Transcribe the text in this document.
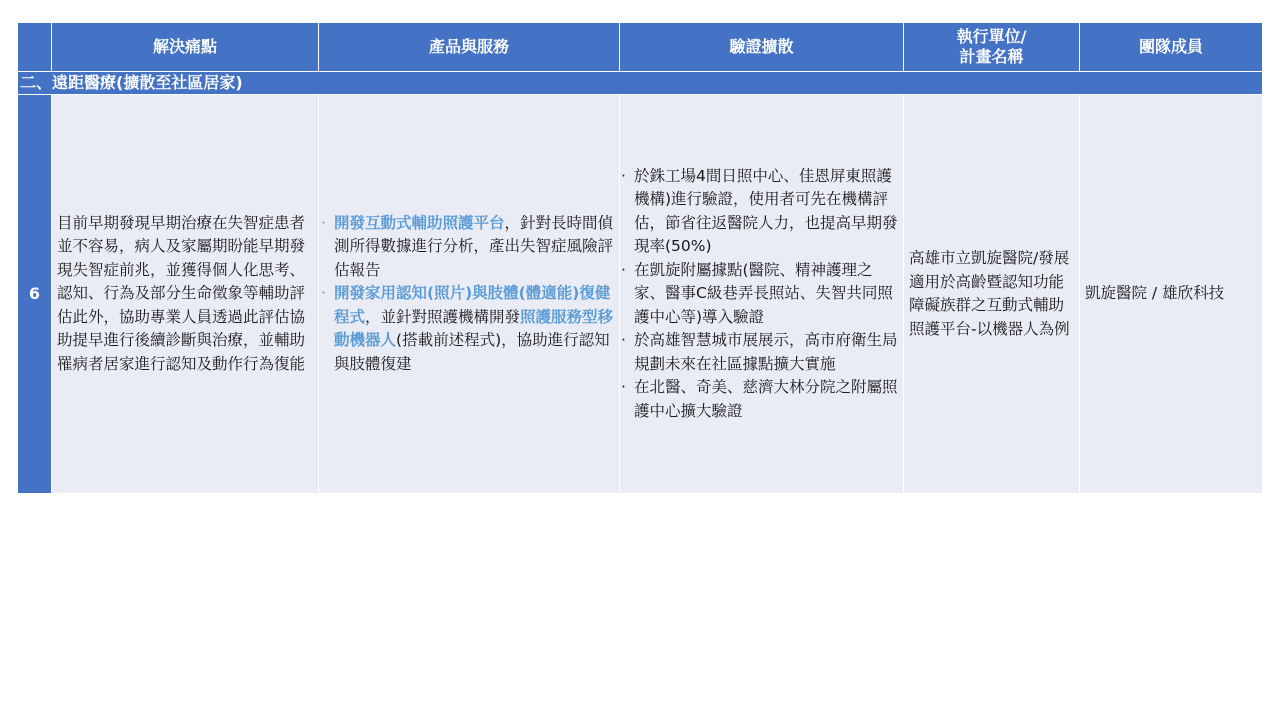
解決痛點	產品與服務	驗證擴散
執行單位/
計畫名稱
團隊成員
二、遠距醫療(擴散至社區居家)
6
目前早期發現早期治療在失智症患者並不容易，病人及家屬期盼能早期發現失智症前兆，並獲得個人化思考、認知、行為及部分生命徵象等輔助評估此外，協助專業人員透過此評估協助提早進行後續診斷與治療，並輔助罹病者居家進行認知及動作行為復能
· 開發互動式輔助照護平台，針對長時間偵測所得數據進行分析，產出失智症風險評估報告
· 開發家用認知(照片)與肢體(體適能)復健程式，並針對照護機構開發照護服務型移動機器人(搭載前述程式)，協助進行認知與肢體復建
· 於銖工場4間日照中心、佳恩屏東照護機構)進行驗證，使用者可先在機構評估，節省往返醫院人力，也提高早期發現率(50%)
· 在凱旋附屬據點(醫院、精神護理之家、醫事C級巷弄長照站、失智共同照護中心等)導入驗證
· 於高雄智慧城市展展示，高市府衛生局規劃未來在社區據點擴大實施
· 在北醫、奇美、慈濟大林分院之附屬照護中心擴大驗證
高雄市立凱旋醫院/發展適用於高齡暨認知功能障礙族群之互動式輔助照護平台-以機器人為例
凱旋醫院 / 雄欣科技
